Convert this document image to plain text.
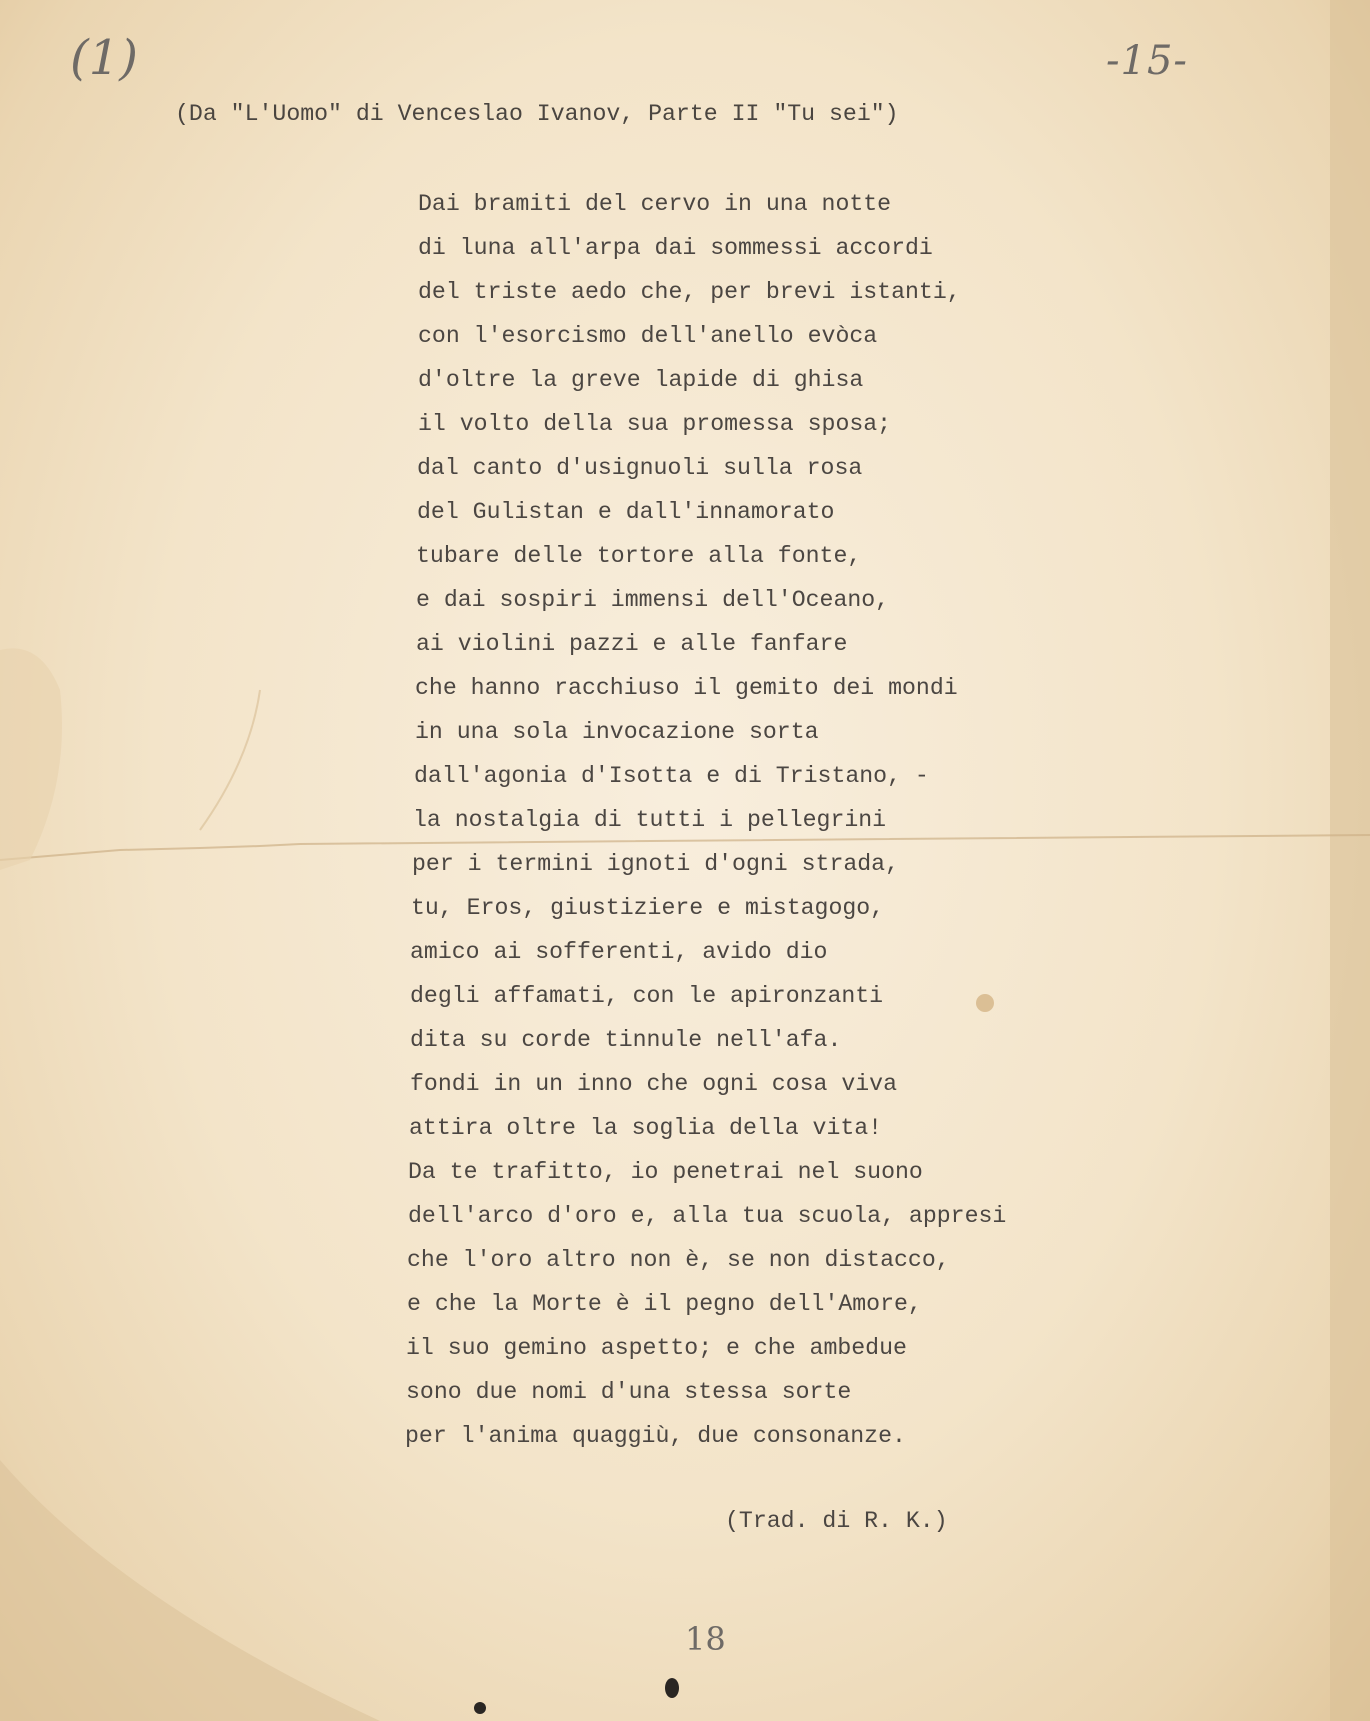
(1)	-15-
18
(Da "L'Uomo" di Venceslao Ivanov, Parte II "Tu sei")
Dai bramiti del cervo in una notte
di luna all'arpa dai sommessi accordi
del triste aedo che, per brevi istanti,
con l'esorcismo dell'anello evòca
d'oltre la greve lapide di ghisa
il volto della sua promessa sposa;
dal canto d'usignuoli sulla rosa
del Gulistan e dall'innamorato
tubare delle tortore alla fonte,
e dai sospiri immensi dell'Oceano,
ai violini pazzi e alle fanfare
che hanno racchiuso il gemito dei mondi
in una sola invocazione sorta
dall'agonia d'Isotta e di Tristano, -
la nostalgia di tutti i pellegrini
per i termini ignoti d'ogni strada,
tu, Eros, giustiziere e mistagogo,
amico ai sofferenti, avido dio
degli affamati, con le apironzanti
dita su corde tinnule nell'afa.
fondi in un inno che ogni cosa viva
attira oltre la soglia della vita!
Da te trafitto, io penetrai nel suono
dell'arco d'oro e, alla tua scuola, appresi
che l'oro altro non è, se non distacco,
e che la Morte è il pegno dell'Amore,
il suo gemino aspetto; e che ambedue
sono due nomi d'una stessa sorte
per l'anima quaggiù, due consonanze.
(Trad. di R. K.)
